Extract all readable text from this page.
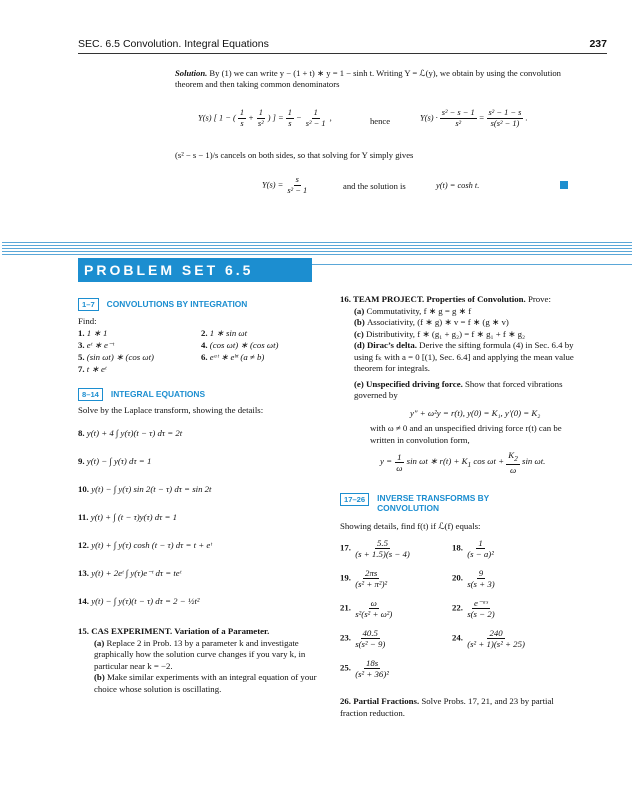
SEC. 6.5 Convolution. Integral Equations	237
Solution. By (1) we can write y − (1 + t) ∗ y = 1 − sinh t. Writing Y = ℒ(y), we obtain by using the convolution theorem and then taking common denominators
Y(s) [ 1 − ( $\frac{1}{s} + \frac{1}{\text{s²}}$ ) ] = $\frac{1}{s} - \frac{1}{\text{s² − 1}}$ ,	hence	$Y(s) \cdot \frac{\text{s² − s − 1}}{\text{s²}} = \frac{\text{s² − 1 − s}}{\text{s(s² − 1)}}$ .
(s² − s − 1)/s cancels on both sides, so that solving for Y simply gives
$Y(s) = \frac{s}{\text{s² − 1}}$	and the solution is	y(t) = cosh t.
PROBLEM SET 6.5
1–7 CONVOLUTIONS BY INTEGRATION
Find:
1. 1 ∗ 1	2. 1 ∗ sin ωt
3. eᵗ ∗ e⁻ᵗ	4. (cos ωt) ∗ (cos ωt)
5. (sin ωt) ∗ (cos ωt)	6. eᵃᵗ ∗ eᵇᵗ (a ≠ b)
7. t ∗ eᵗ
8–14 INTEGRAL EQUATIONS
Solve by the Laplace transform, showing the details:
8. y(t) + 4 ∫ y(τ)(t − τ) dτ = 2t
9. y(t) − ∫ y(τ) dτ = 1
10. y(t) − ∫ y(τ) sin 2(t − τ) dτ = sin 2t
11. y(t) + ∫ (t − τ)y(τ) dτ = 1
12. y(t) + ∫ y(τ) cosh (t − τ) dτ = t + eᵗ
13. y(t) + 2eᵗ ∫ y(τ)e⁻ᵗ dτ = teᵗ
14. y(t) − ∫ y(τ)(t − τ) dτ = 2 − ½t²
15. CAS EXPERIMENT. Variation of a Parameter.
(a) Replace 2 in Prob. 13 by a parameter k and investigate graphically how the solution curve changes if you vary k, in particular near k = −2.
(b) Make similar experiments with an integral equation of your choice whose solution is oscillating.
16. TEAM PROJECT. Properties of Convolution. Prove:
(a) Commutativity, f ∗ g = g ∗ f
(b) Associativity, (f ∗ g) ∗ v = f ∗ (g ∗ v)
(c) Distributivity, f ∗ (g₁ + g₂) = f ∗ g₁ + f ∗ g₂
(d) Dirac’s delta. Derive the sifting formula (4) in Sec. 6.4 by using fₖ with a = 0 [(1), Sec. 6.4] and applying the mean value theorem for integrals.
(e) Unspecified driving force. Show that forced vibrations governed by
y″ + ω²y = r(t), y(0) = K₁, y′(0) = K₂
with ω ≠ 0 and an unspecified driving force r(t) can be written in convolution form,
$y = \frac{1}{\omega}$ sin ωt ∗ $r(t) + K_1$ $\cos \omega t + \frac{K_2}{\omega}$ sin ωt.
17–26 INVERSE TRANSFORMS BY CONVOLUTION
Showing details, find f(t) if ℒ(f) equals:
17. $\frac{5.5}{(s + 1.5)(s - 4)}$	18. $\frac{1}{\text{(s − a)²}}$
19. $\frac{2\pi s}{\text{(s² + π²)²}}$	20. $\frac{9}{s(s + 3)}$
21. $\frac{\omega}{\text{s²(s² + ω²)}}$	22. $\frac{\text{e⁻ᵃˢ}}{s(s - 2)}$
23. $\frac{40.5}{\text{s(s² − 9)}}$	24. $\frac{240}{\text{(s² + 1)(s² + 25)}}$
25. $\frac{18s}{\text{(s² + 36)²}}$
26. Partial Fractions. Solve Probs. 17, 21, and 23 by partial fraction reduction.
